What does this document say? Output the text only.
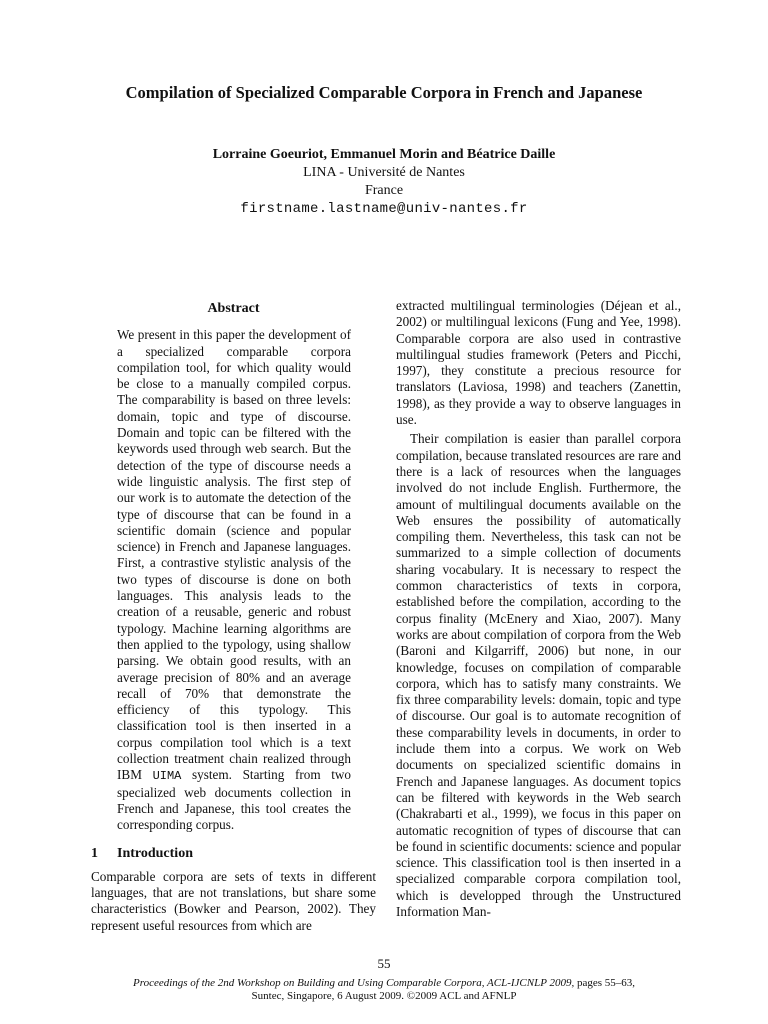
Compilation of Specialized Comparable Corpora in French and Japanese
Lorraine Goeuriot, Emmanuel Morin and Béatrice Daille
LINA - Université de Nantes
France
firstname.lastname@univ-nantes.fr
Abstract

We present in this paper the development of a specialized comparable corpora compilation tool, for which quality would be close to a manually compiled corpus. The comparability is based on three levels: domain, topic and type of discourse. Domain and topic can be filtered with the keywords used through web search. But the detection of the type of discourse needs a wide linguistic analysis. The first step of our work is to automate the detection of the type of discourse that can be found in a scientific domain (science and popular science) in French and Japanese languages. First, a contrastive stylistic analysis of the two types of discourse is done on both languages. This analysis leads to the creation of a reusable, generic and robust typology. Machine learning algorithms are then applied to the typology, using shallow parsing. We obtain good results, with an average precision of 80% and an average recall of 70% that demonstrate the efficiency of this typology. This classification tool is then inserted in a corpus compilation tool which is a text collection treatment chain realized through IBM UIMA system. Starting from two specialized web documents collection in French and Japanese, this tool creates the corresponding corpus.

1 Introduction

Comparable corpora are sets of texts in different languages, that are not translations, but share some characteristics (Bowker and Pearson, 2002). They represent useful resources from which are

extracted multilingual terminologies (Déjean et al., 2002) or multilingual lexicons (Fung and Yee, 1998). Comparable corpora are also used in contrastive multilingual studies framework (Peters and Picchi, 1997), they constitute a precious resource for translators (Laviosa, 1998) and teachers (Zanettin, 1998), as they provide a way to observe languages in use.

Their compilation is easier than parallel corpora compilation, because translated resources are rare and there is a lack of resources when the languages involved do not include English. Furthermore, the amount of multilingual documents available on the Web ensures the possibility of automatically compiling them. Nevertheless, this task can not be summarized to a simple collection of documents sharing vocabulary. It is necessary to respect the common characteristics of texts in corpora, established before the compilation, according to the corpus finality (McEnery and Xiao, 2007). Many works are about compilation of corpora from the Web (Baroni and Kilgarriff, 2006) but none, in our knowledge, focuses on compilation of comparable corpora, which has to satisfy many constraints. We fix three comparability levels: domain, topic and type of discourse. Our goal is to automate recognition of these comparability levels in documents, in order to include them into a corpus. We work on Web documents on specialized scientific domains in French and Japanese languages. As document topics can be filtered with keywords in the Web search (Chakrabarti et al., 1999), we focus in this paper on automatic recognition of types of discourse that can be found in scientific documents: science and popular science. This classification tool is then inserted in a specialized comparable corpora compilation tool, which is developped through the Unstructured Information Man-

55
Proceedings of the 2nd Workshop on Building and Using Comparable Corpora, ACL-IJCNLP 2009, pages 55–63,
Suntec, Singapore, 6 August 2009. ©2009 ACL and AFNLP
